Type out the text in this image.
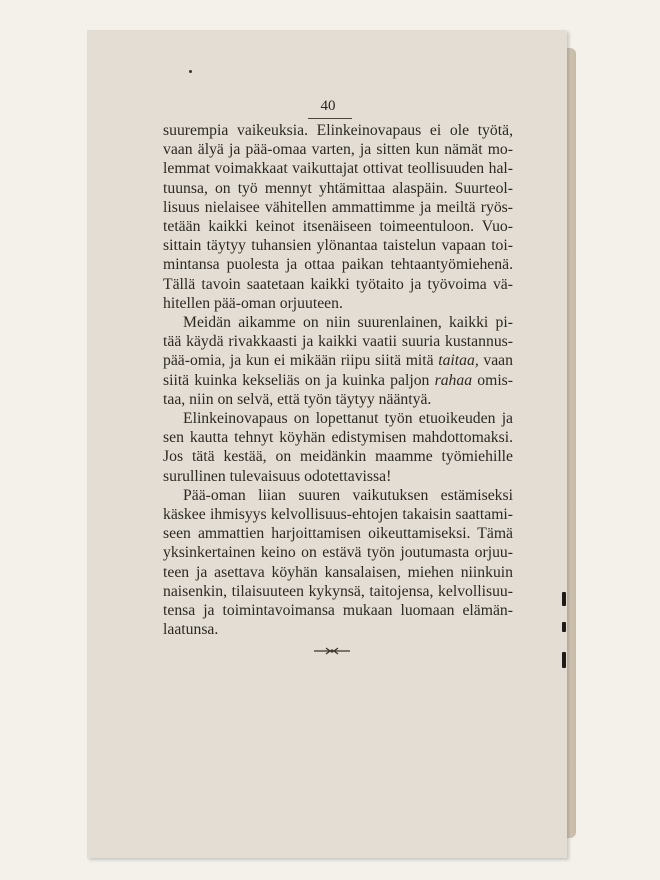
40

suurempia vaikeuksia. Elinkeinovapaus ei ole työtä, vaan älyä ja pää-omaa varten, ja sitten kun nämät mo- lemmat voimakkaat vaikuttajat ottivat teollisuuden hal- tuunsa, on työ mennyt yhtämittaa alaspäin. Suurteol- lisuus nielaisee vähitellen ammattimme ja meiltä ryös- tetään kaikki keinot itsenäiseen toimeentuloon. Vuo- sittain täytyy tuhansien ylönantaa taistelun vapaan toi- mintansa puolesta ja ottaa paikan tehtaantyömiehenä. Tällä tavoin saatetaan kaikki työtaito ja työvoima vä- hitellen pää-oman orjuuteen.

Meidän aikamme on niin suurenlainen, kaikki pi- tää käydä rivakkaasti ja kaikki vaatii suuria kustannus- pää-omia, ja kun ei mikään riipu siitä mitä taitaa, vaan siitä kuinka kekseliäs on ja kuinka paljon rahaa omis- taa, niin on selvä, että työn täytyy nääntyä.

Elinkeinovapaus on lopettanut työn etuoikeuden ja sen kautta tehnyt köyhän edistymisen mahdottomaksi. Jos tätä kestää, on meidänkin maamme työmiehille surullinen tulevaisuus odotettavissa!

Pää-oman liian suuren vaikutuksen estämiseksi käskee ihmisyys kelvollisuus-ehtojen takaisin saattami- seen ammattien harjoittamisen oikeuttamiseksi. Tämä yksinkertainen keino on estävä työn joutumasta orjuu- teen ja asettava köyhän kansalaisen, miehen niinkuin naisenkin, tilaisuuteen kykynsä, taitojensa, kelvollisuu- tensa ja toimintavoimansa mukaan luomaan elämän- laatunsa.
